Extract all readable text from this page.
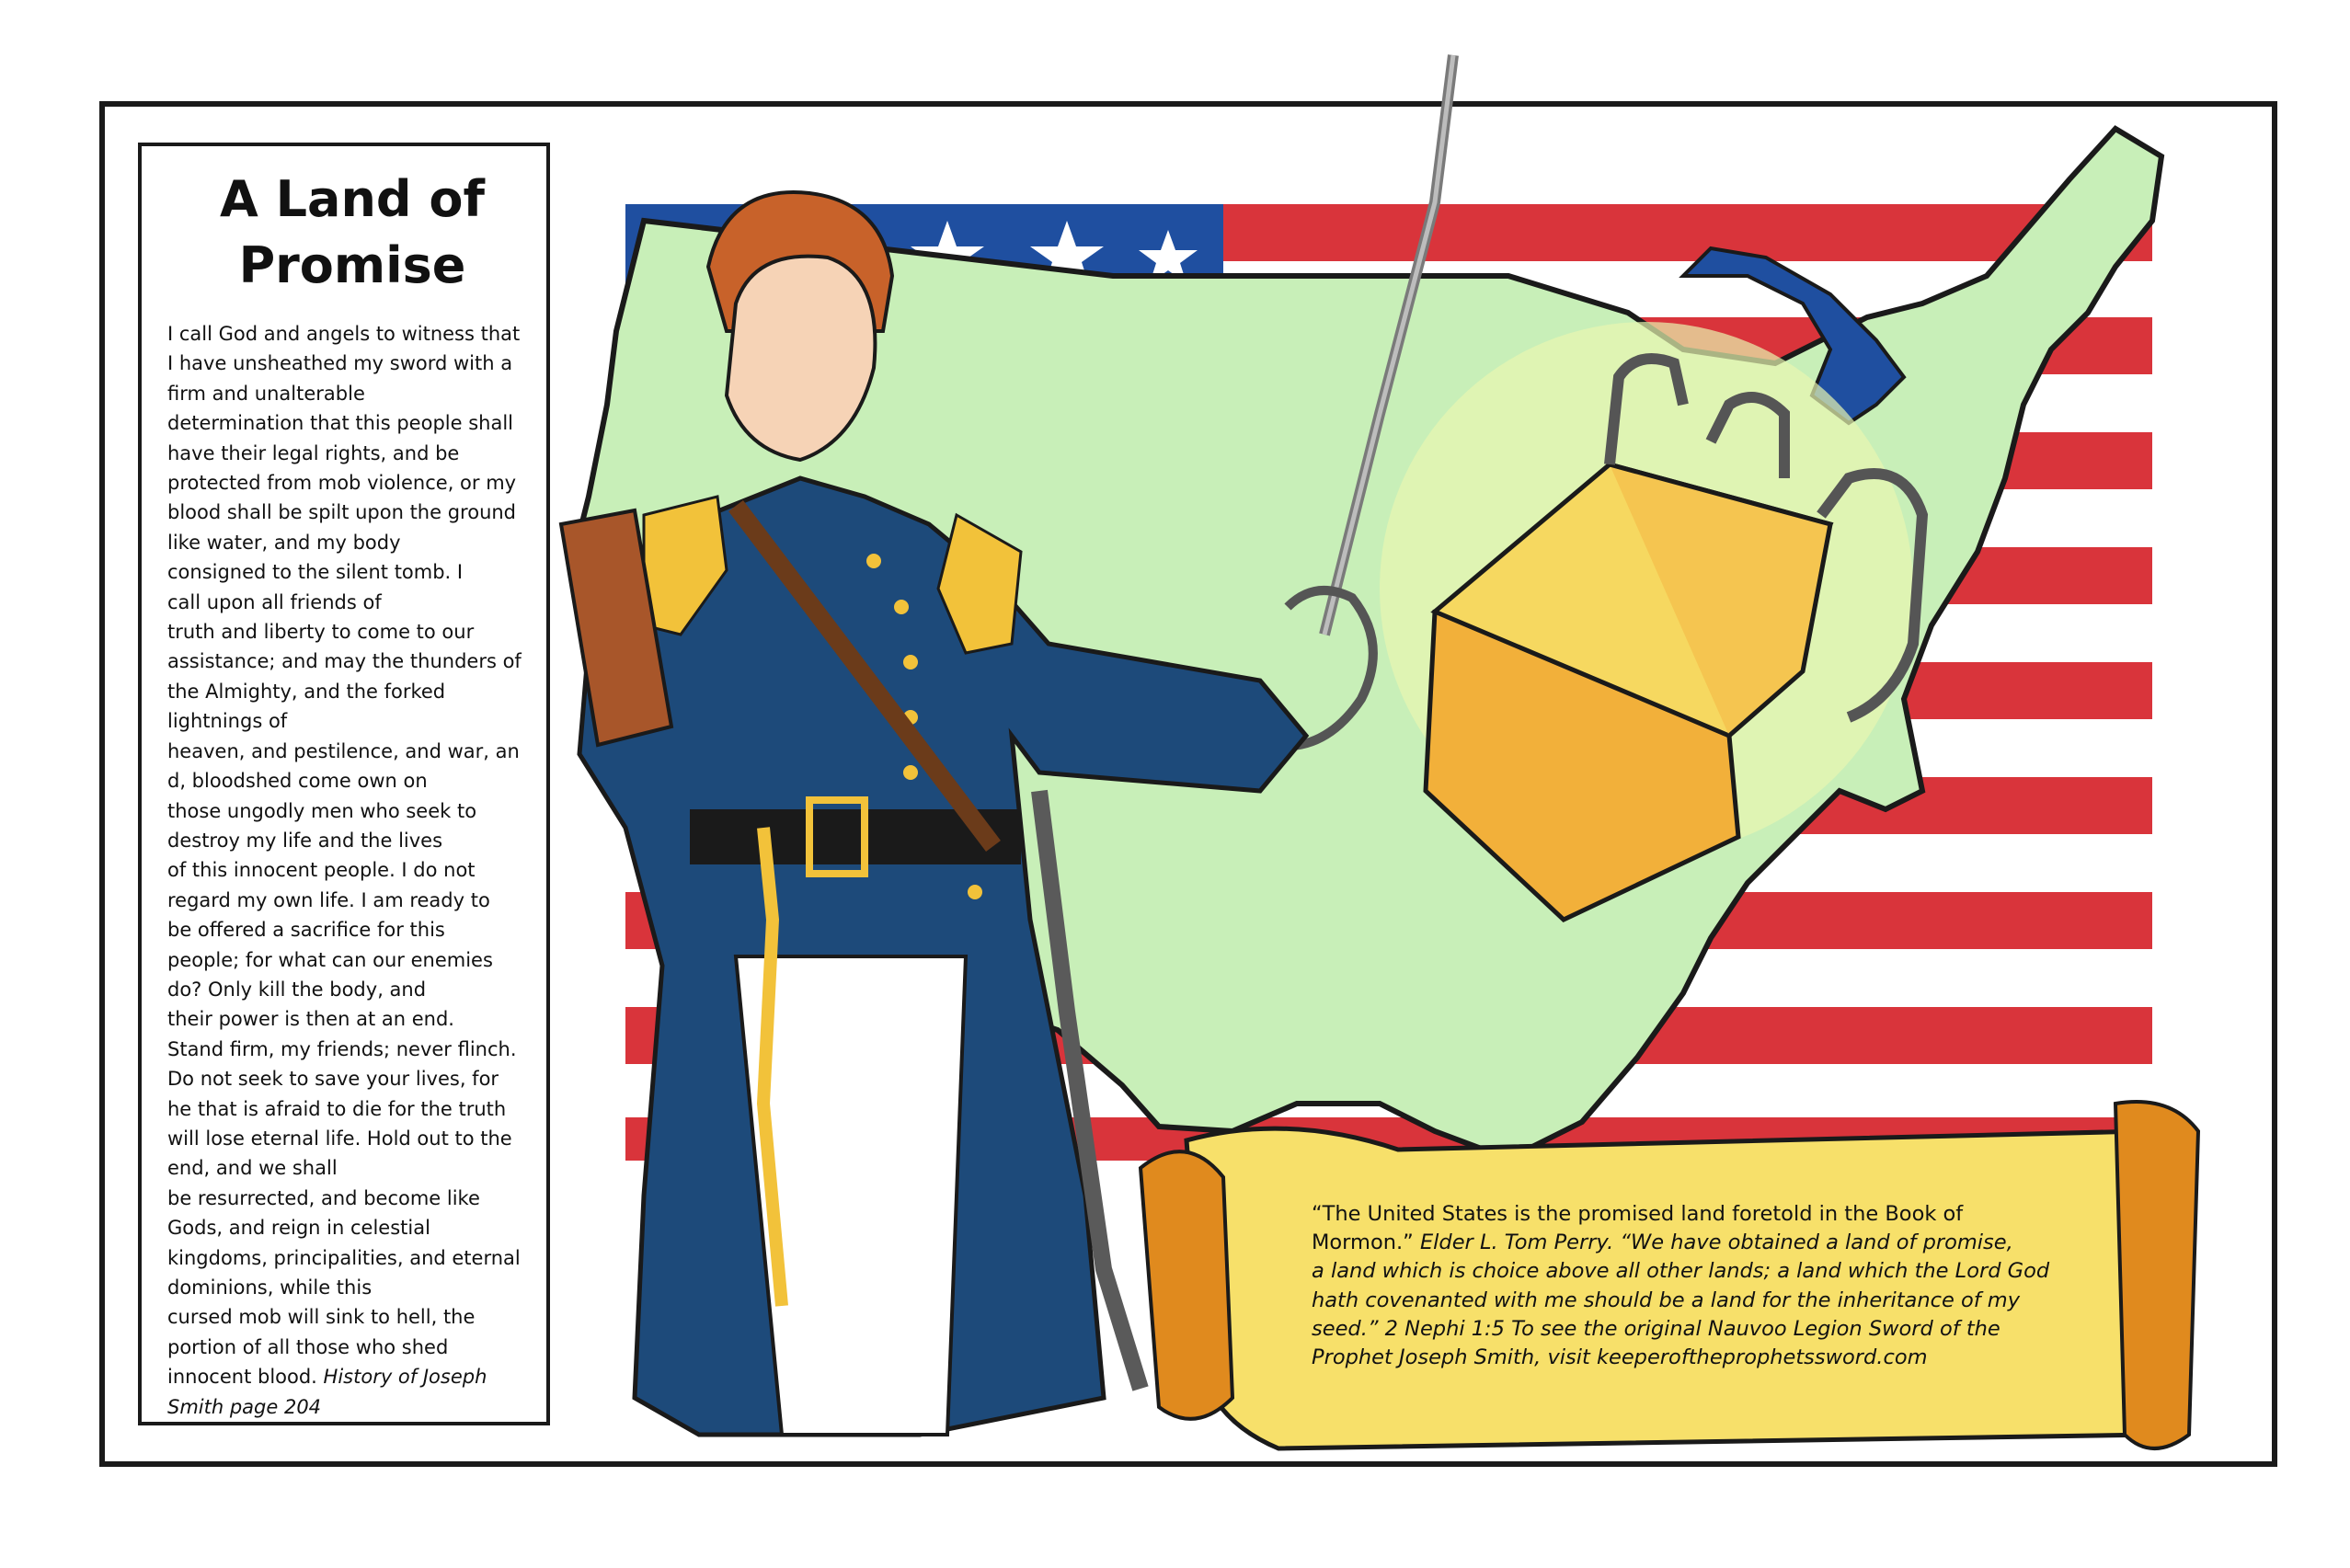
A Land of
Promise
I call God and angels to witness that
I have unsheathed my sword with a
firm and unalterable
determination that this people shall
have their legal rights, and be
protected from mob violence, or my
blood shall be spilt upon the ground
like water, and my body
consigned to the silent tomb. I
call upon all friends of
truth and liberty to come to our
assistance; and may the thunders of
the Almighty, and the forked
lightnings of
heaven, and pestilence, and war, an
d, bloodshed come own on
those ungodly men who seek to
destroy my life and the lives
of this innocent people. I do not
regard my own life. I am ready to
be offered a sacrifice for this
people; for what can our enemies
do? Only kill the body, and
their power is then at an end.
Stand firm, my friends; never flinch.
Do not seek to save your lives, for
he that is afraid to die for the truth
will lose eternal life. Hold out to the
end, and we shall
be resurrected, and become like
Gods, and reign in celestial
kingdoms, principalities, and eternal
dominions, while this
cursed mob will sink to hell, the
portion of all those who shed
innocent blood. History of Joseph
Smith page 204
“The United States is the promised land foretold in the Book of
Mormon.” Elder L. Tom Perry. “We have obtained a land of promise,
a land which is choice above all other lands; a land which the Lord God
hath covenanted with me should be a land for the inheritance of my
seed.” 2 Nephi 1:5 To see the original Nauvoo Legion Sword of the
Prophet Joseph Smith, visit keeperoftheprophetssword.com
